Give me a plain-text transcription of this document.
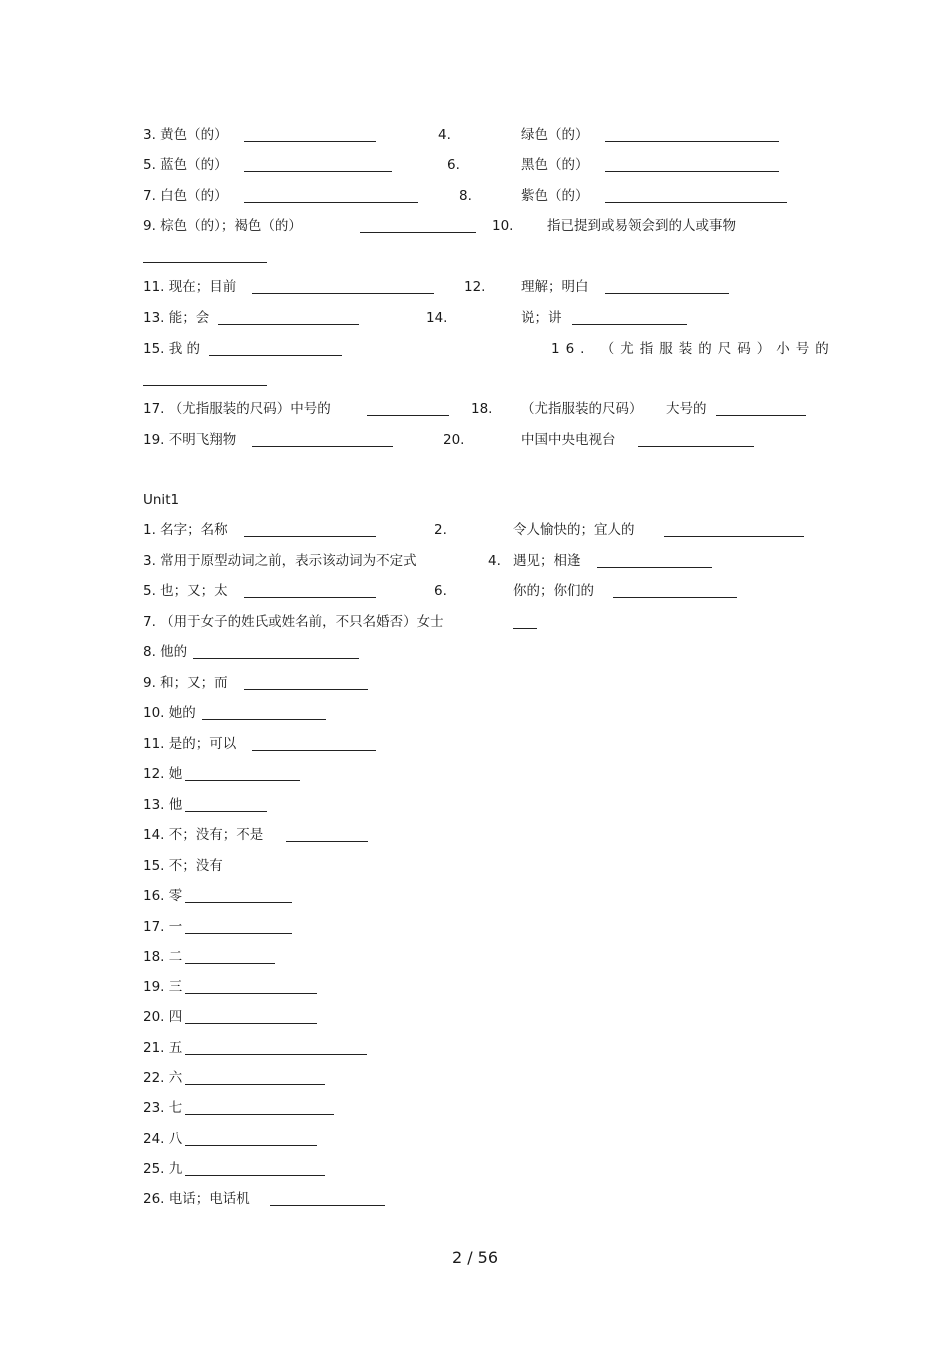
3. 黄色（的）	4.	绿色（的）
5. 蓝色（的）	6.	黑色（的）
7. 白色（的）	8.	紫色（的）
9. 棕色（的）；褐色（的）	10. 指已提到或易领会到的人或事物
11. 现在；目前	12.	理解；明白
13. 能；会	14.	说；讲
15. 我 的	16. （尤指服装的尺码）小号的
17. （尤指服装的尺码）中号的	18. （尤指服装的尺码） 大号的
19. 不明飞翔物	20.	中国中央电视台
Unit1
1. 名字；名称	2.	令人愉快的；宜人的
3. 常用于原型动词之前，表示该动词为不定式	4. 遇见；相逢
5. 也；又；太	6.	你的；你们的
7. （用于女子的姓氏或姓名前，不只名婚否）女士
8. 他的
9. 和；又；而
10. 她的
11. 是的；可以
12. 她
13. 他
14. 不；没有；不是
15. 不；没有
16. 零
17. 一
18. 二
19. 三
20. 四
21. 五
22. 六
23. 七
24. 八
25. 九
26. 电话；电话机
2 / 56
